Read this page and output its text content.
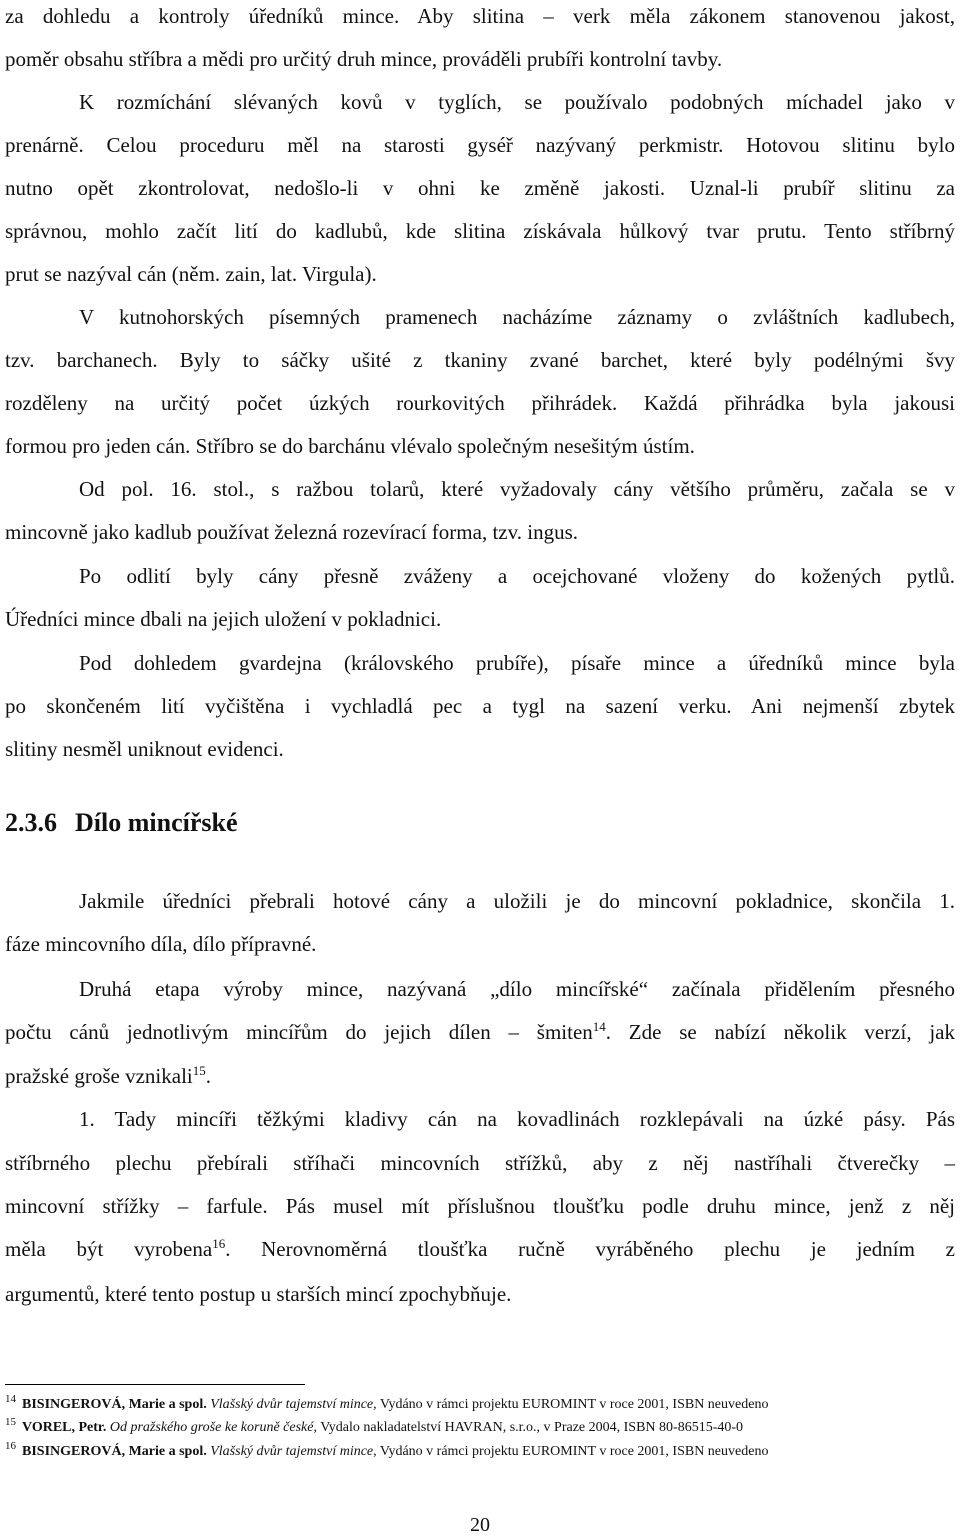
za dohledu a kontroly úředníků mince. Aby slitina – verk měla zákonem stanovenou jakost,
poměr obsahu stříbra a mědi pro určitý druh mince, prováděli prubíři kontrolní tavby.
K rozmíchání slévaných kovů v tyglích, se používalo podobných míchadel jako v
prenárně. Celou proceduru měl na starosti gyséř nazývaný perkmistr. Hotovou slitinu bylo
nutno opět zkontrolovat, nedošlo-li v ohni ke změně jakosti. Uznal-li prubíř slitinu za
správnou, mohlo začít lití do kadlubů, kde slitina získávala hůlkový tvar prutu. Tento stříbrný
prut se nazýval cán (něm. zain, lat. Virgula).
V kutnohorských písemných pramenech nacházíme záznamy o zvláštních kadlubech,
tzv. barchanech. Byly to sáčky ušité z tkaniny zvané barchet, které byly podélnými švy
rozděleny na určitý počet úzkých rourkovitých přihrádek. Každá přihrádka byla jakousi
formou pro jeden cán. Stříbro se do barchánu vlévalo společným nesešitým ústím.
Od pol. 16. stol., s ražbou tolarů, které vyžadovaly cány většího průměru, začala se v
mincovně jako kadlub používat železná rozevírací forma, tzv. ingus.
Po odlití byly cány přesně zváženy a ocejchované vloženy do kožených pytlů.
Úředníci mince dbali na jejich uložení v pokladnici.
Pod dohledem gvardejna (královského prubíře), písaře mince a úředníků mince byla
po skončeném lití vyčištěna i vychladlá pec a tygl na sazení verku. Ani nejmenší zbytek
slitiny nesměl uniknout evidenci.
2.3.6 Dílo mincířské
Jakmile úředníci přebrali hotové cány a uložili je do mincovní pokladnice, skončila 1.
fáze mincovního díla, dílo přípravné.
Druhá etapa výroby mince, nazývaná „dílo mincířské“ začínala přidělením přesného
počtu cánů jednotlivým mincířům do jejich dílen – šmiten$^{14}$. Zde se nabízí několik verzí, jak
pražské groše vznikali$^{15}$.
1. Tady mincíři těžkými kladivy cán na kovadlinách rozklepávali na úzké pásy. Pás
stříbrného plechu přebírali stříhači mincovních střížků, aby z něj nastříhali čtverečky –
mincovní střížky – farfule. Pás musel mít příslušnou tloušťku podle druhu mince, jenž z něj
měla být vyrobena$^{16}$. Nerovnoměrná tloušťka ručně vyráběného plechu je jedním z
argumentů, které tento postup u starších mincí zpochybňuje.
$^{14}$ BISINGEROVÁ, Marie a spol. Vlašský dvůr tajemství mince, Vydáno v rámci projektu EUROMINT v roce 2001, ISBN neuvedeno
$^{15}$ VOREL, Petr. Od pražského groše ke koruně české, Vydalo nakladatelství HAVRAN, s.r.o., v Praze 2004, ISBN 80-86515-40-0
$^{16}$ BISINGEROVÁ, Marie a spol. Vlašský dvůr tajemství mince, Vydáno v rámci projektu EUROMINT v roce 2001, ISBN neuvedeno
20
